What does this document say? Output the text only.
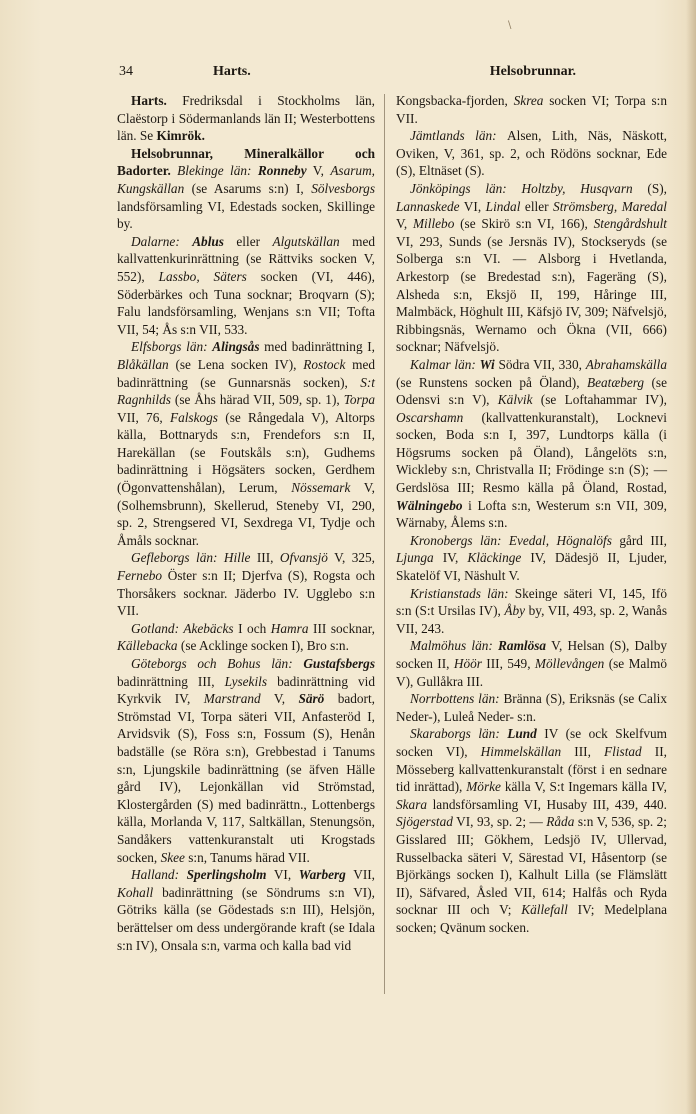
\
34	Harts.	Helsobrunnar.

Harts. Fredriksdal i Stockholms län, Claëstorp i Södermanlands län II; Westerbottens län. Se Kimrök.

Helsobrunnar, Mineralkällor och Badorter. Blekinge län: Ronneby V, Asarum, Kungskällan (se Asarums s:n) I, Sölvesborgs landsförsamling VI, Edestads socken, Skillinge by.

Dalarne: Ablus eller Algutskällan med kallvattenkurinrättning (se Rättviks socken V, 552), Lassbo, Säters socken (VI, 446), Söderbärkes och Tuna socknar; Broqvarn (S); Falu landsförsamling, Wenjans s:n VII; Tofta VII, 54; Ås s:n VII, 533.

Elfsborgs län: Alingsås med badinrättning I, Blåkällan (se Lena socken IV), Rostock med badinrättning (se Gunnarsnäs socken), S:t Ragnhilds (se Åhs härad VII, 509, sp. 1), Torpa VII, 76, Falskogs (se Rångedala V), Altorps källa, Bottnaryds s:n, Frendefors s:n II, Harekällan (se Foutskåls s:n), Gudhems badinrättning i Högsäters socken, Gerdhem (Ögonvattenshålan), Lerum, Nössemark V, (Solhemsbrunn), Skellerud, Steneby VI, 290, sp. 2, Strengsered VI, Sexdrega VI, Tydje och Åmåls socknar.

Gefleborgs län: Hille III, Ofvansjö V, 325, Fernebo Öster s:n II; Djerfva (S), Rogsta och Thorsåkers socknar. Jäderbo IV. Ugglebo s:n VII.

Gotland: Akebäcks I och Hamra III socknar, Källebacka (se Acklinge socken I), Bro s:n.

Göteborgs och Bohus län: Gustafsbergs badinrättning III, Lysekils badinrättning vid Kyrkvik IV, Marstrand V, Särö badort, Strömstad VI, Torpa säteri VII, Anfasteröd I, Arvidsvik (S), Foss s:n, Fossum (S), Henån badställe (se Röra s:n), Grebbestad i Tanums s:n, Ljungskile badinrättning (se äfven Hälle gård IV), Lejonkällan vid Strömstad, Klostergården (S) med badinrättn., Lottenbergs källa, Morlanda V, 117, Saltkällan, Stenungsön, Sandåkers vattenkuranstalt uti Krogstads socken, Skee s:n, Tanums härad VII.

Halland: Sperlingsholm VI, Warberg VII, Kohall badinrättning (se Söndrums s:n VI), Götriks källa (se Gödestads s:n III), Helsjön, berättelser om dess undergörande kraft (se Idala s:n IV), Onsala s:n, varma och kalla bad vid

Kongsbacka-fjorden, Skrea socken VI; Torpa s:n VII.

Jämtlands län: Alsen, Lith, Näs, Näskott, Oviken, V, 361, sp. 2, och Rödöns socknar, Ede (S), Eltnäset (S).

Jönköpings län: Holtzby, Husqvarn (S), Lannaskede VI, Lindal eller Strömsberg, Maredal V, Millebo (se Skirö s:n VI, 166), Stengårdshult VI, 293, Sunds (se Jersnäs IV), Stockseryds (se Solberga s:n VI. — Alsborg i Hvetlanda, Arkestorp (se Bredestad s:n), Fageräng (S), Alsheda s:n, Eksjö II, 199, Håringe III, Malmbäck, Höghult III, Käfsjö IV, 309; Näfvelsjö, Ribbingsnäs, Wernamo och Ökna (VII, 666) socknar; Näfvelsjö.

Kalmar län: Wi Södra VII, 330, Abrahamskälla (se Runstens socken på Öland), Beatæberg (se Odensvi s:n V), Kälvik (se Loftahammar IV), Oscarshamn (kallvattenkuranstalt), Locknevi socken, Boda s:n I, 397, Lundtorps källa (i Högsrums socken på Öland), Långelöts s:n, Wickleby s:n, Christvalla II; Frödinge s:n (S); — Gerdslösa III; Resmo källa på Öland, Rostad, Wälningebo i Lofta s:n, Westerum s:n VII, 309, Wärnaby, Ålems s:n.

Kronobergs län: Evedal, Högnalöfs gård III, Ljunga IV, Kläckinge IV, Dädesjö II, Ljuder, Skatelöf VI, Näshult V.

Kristianstads län: Skeinge säteri VI, 145, Ifö s:n (S:t Ursilas IV), Åby by, VII, 493, sp. 2, Wanås VII, 243.

Malmöhus län: Ramlösa V, Helsan (S), Dalby socken II, Höör III, 549, Möllevången (se Malmö V), Gullåkra III.

Norrbottens län: Bränna (S), Eriksnäs (se Calix Neder-), Luleå Neder- s:n.

Skaraborgs län: Lund IV (se ock Skelfvum socken VI), Himmelskällan III, Flistad II, Mösseberg kallvattenkuranstalt (först i en sednare tid inrättad), Mörke källa V, S:t Ingemars källa IV, Skara landsförsamling VI, Husaby III, 439, 440. Sjögerstad VI, 93, sp. 2; — Råda s:n V, 536, sp. 2; Gisslared III; Gökhem, Ledsjö IV, Ullervad, Russelbacka säteri V, Särestad VI, Håsentorp (se Björkängs socken I), Kalhult Lilla (se Flämslätt II), Säfvared, Åsled VII, 614; Halfås och Ryda socknar III och V; Källefall IV; Medelplana socken; Qvänum socken.
